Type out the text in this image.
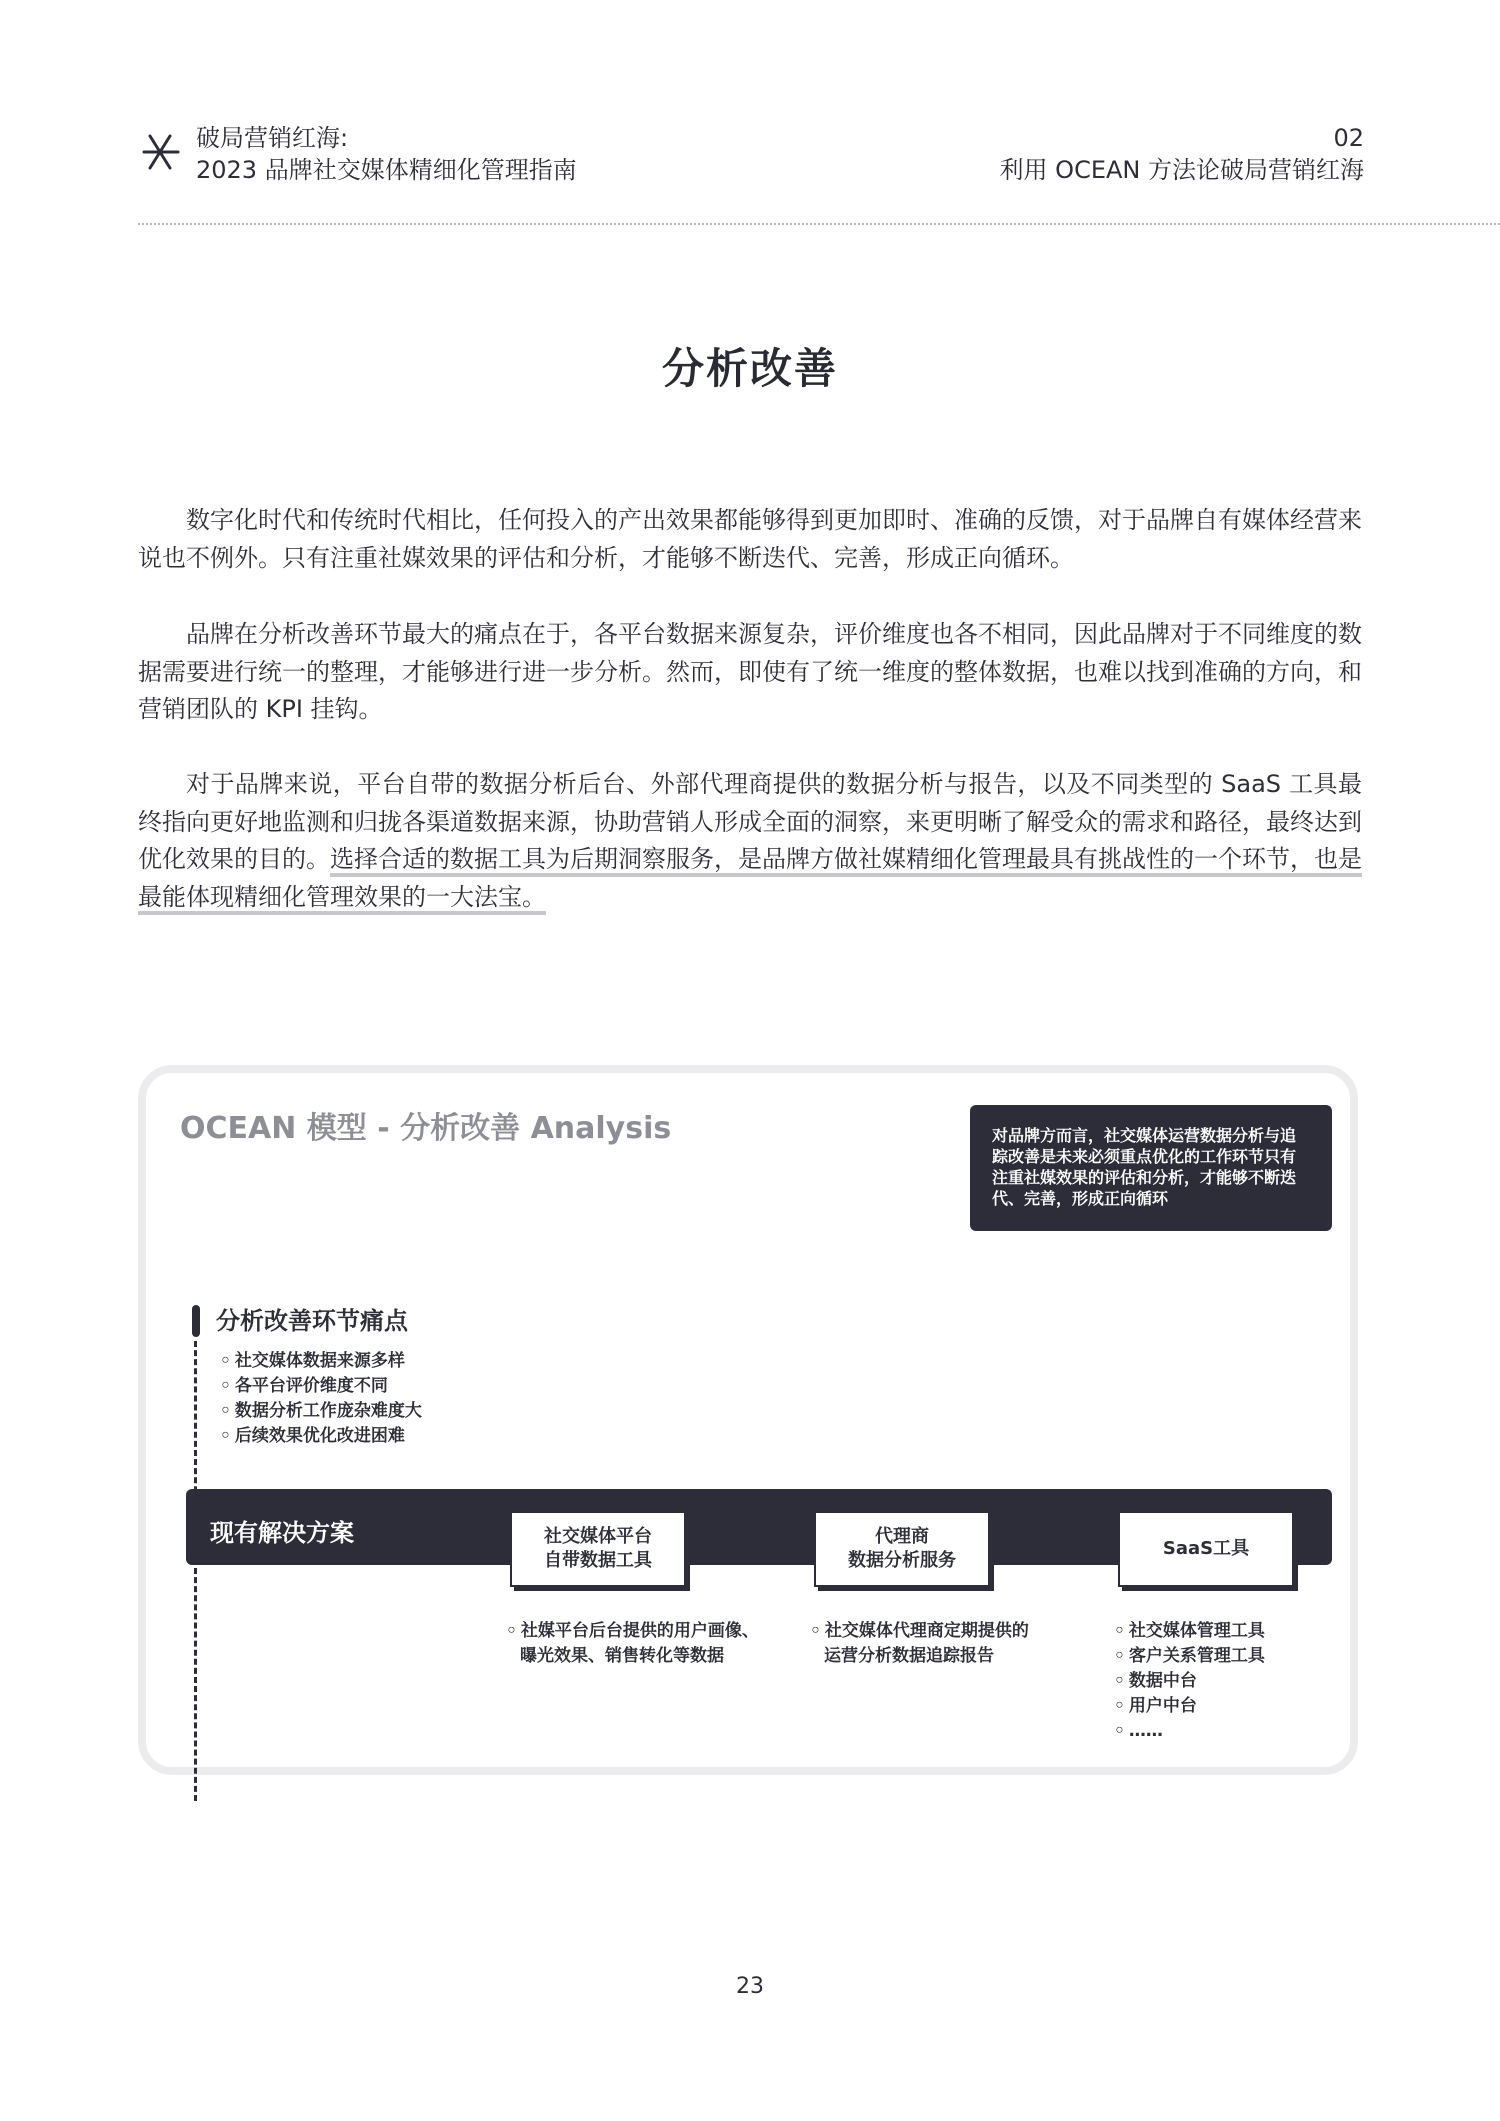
破局营销红海:
2023 品牌社交媒体精细化管理指南
02
利用 OCEAN 方法论破局营销红海
分析改善

数字化时代和传统时代相比，任何投入的产出效果都能够得到更加即时、准确的反馈，对于品牌自有媒体经营来说也不例外。只有注重社媒效果的评估和分析，才能够不断迭代、完善，形成正向循环。

品牌在分析改善环节最大的痛点在于，各平台数据来源复杂，评价维度也各不相同，因此品牌对于不同维度的数据需要进行统一的整理，才能够进行进一步分析。然而，即使有了统一维度的整体数据，也难以找到准确的方向，和营销团队的 KPI 挂钩。

对于品牌来说，平台自带的数据分析后台、外部代理商提供的数据分析与报告，以及不同类型的 SaaS 工具最终指向更好地监测和归拢各渠道数据来源，协助营销人形成全面的洞察，来更明晰了解受众的需求和路径，最终达到优化效果的目的。选择合适的数据工具为后期洞察服务，是品牌方做社媒精细化管理最具有挑战性的一个环节，也是最能体现精细化管理效果的一大法宝。

OCEAN 模型 - 分析改善 Analysis	对品牌方而言，社交媒体运营数据分析与追踪改善是未来必须重点优化的工作环节只有注重社媒效果的评估和分析，才能够不断迭代、完善，形成正向循环
分析改善环节痛点
◦ 社交媒体数据来源多样
◦ 各平台评价维度不同
◦ 数据分析工作庞杂难度大
◦ 后续效果优化改进困难
现有解决方案	社交媒体平台
自带数据工具
代理商
数据分析服务
SaaS工具
◦ 社媒平台后台提供的用户画像、
曝光效果、销售转化等数据
◦ 社交媒体代理商定期提供的
运营分析数据追踪报告
◦ 社交媒体管理工具
◦ 客户关系管理工具
◦ 数据中台
◦ 用户中台
◦ ……
23
